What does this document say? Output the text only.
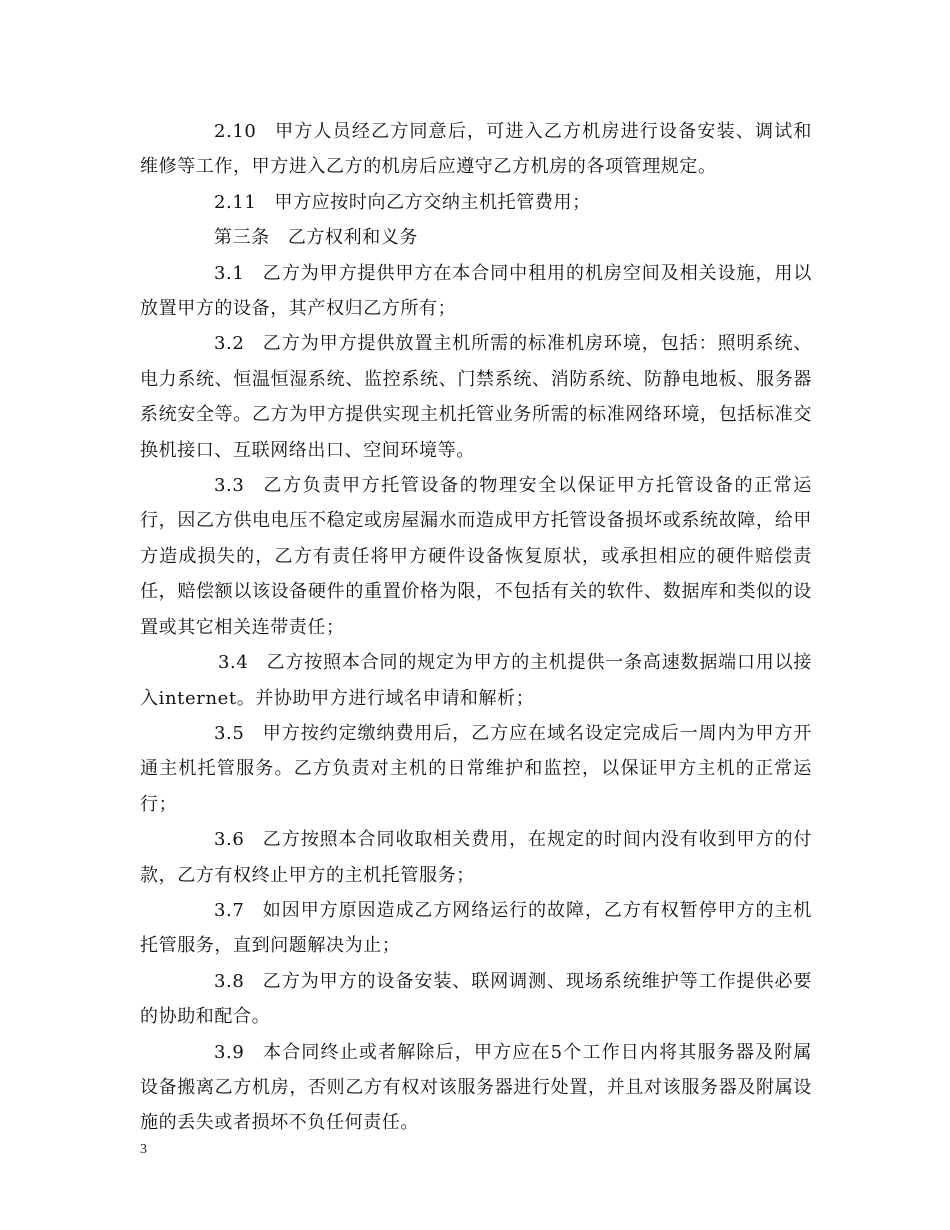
2.10 甲方人员经乙方同意后，可进入乙方机房进行设备安装、调试和维修等工作，甲方进入乙方的机房后应遵守乙方机房的各项管理规定。

2.11 甲方应按时向乙方交纳主机托管费用；

第三条 乙方权利和义务

3.1 乙方为甲方提供甲方在本合同中租用的机房空间及相关设施，用以放置甲方的设备，其产权归乙方所有；

3.2 乙方为甲方提供放置主机所需的标准机房环境，包括：照明系统、电力系统、恒温恒湿系统、监控系统、门禁系统、消防系统、防静电地板、服务器系统安全等。乙方为甲方提供实现主机托管业务所需的标准网络环境，包括标准交换机接口、互联网络出口、空间环境等。

3.3 乙方负责甲方托管设备的物理安全以保证甲方托管设备的正常运行，因乙方供电电压不稳定或房屋漏水而造成甲方托管设备损坏或系统故障，给甲方造成损失的，乙方有责任将甲方硬件设备恢复原状，或承担相应的硬件赔偿责任，赔偿额以该设备硬件的重置价格为限，不包括有关的软件、数据库和类似的设置或其它相关连带责任；

3.4 乙方按照本合同的规定为甲方的主机提供一条高速数据端口用以接入internet。并协助甲方进行域名申请和解析；

3.5 甲方按约定缴纳费用后，乙方应在域名设定完成后一周内为甲方开通主机托管服务。乙方负责对主机的日常维护和监控，以保证甲方主机的正常运行；

3.6 乙方按照本合同收取相关费用，在规定的时间内没有收到甲方的付款，乙方有权终止甲方的主机托管服务；

3.7 如因甲方原因造成乙方网络运行的故障，乙方有权暂停甲方的主机托管服务，直到问题解决为止；

3.8 乙方为甲方的设备安装、联网调测、现场系统维护等工作提供必要的协助和配合。

3.9 本合同终止或者解除后，甲方应在5个工作日内将其服务器及附属设备搬离乙方机房，否则乙方有权对该服务器进行处置，并且对该服务器及附属设施的丢失或者损坏不负任何责任。

3
